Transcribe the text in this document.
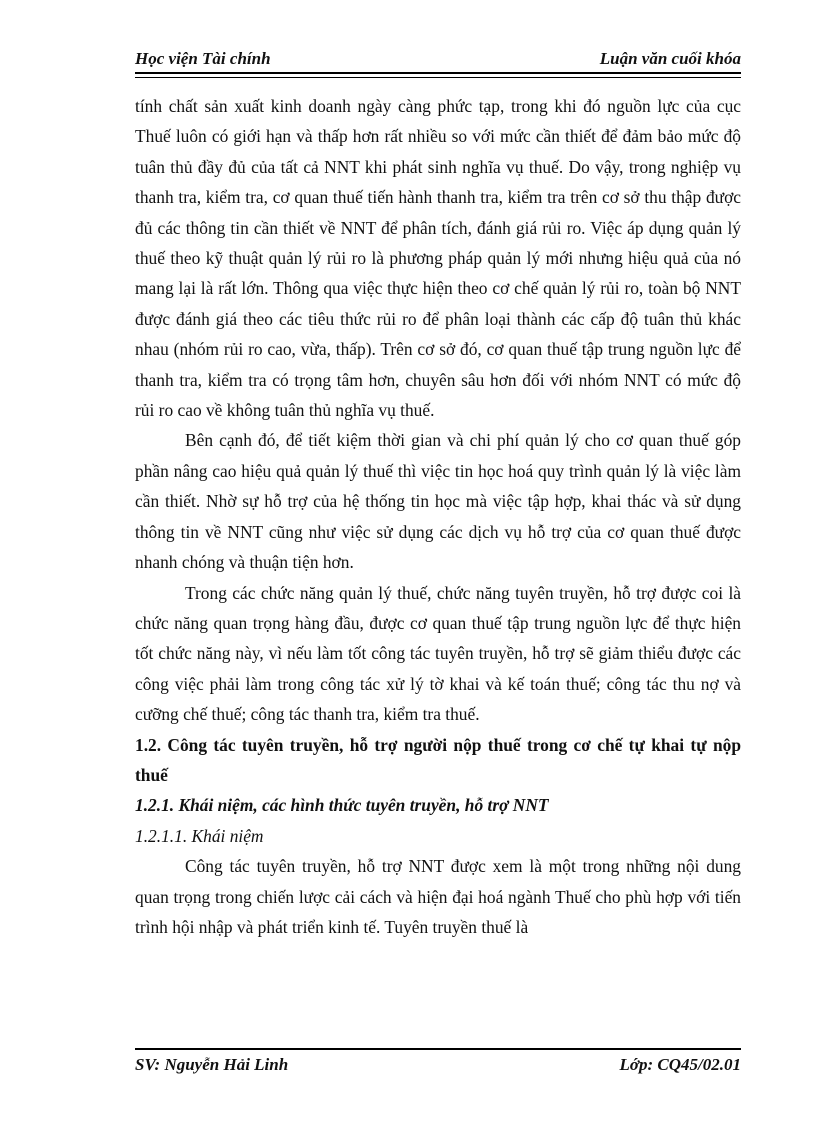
Học viện Tài chính	Luận văn cuối khóa

tính chất sản xuất kinh doanh ngày càng phức tạp, trong khi đó nguồn lực của cục Thuế luôn có giới hạn và thấp hơn rất nhiều so với mức cần thiết để đảm bảo mức độ tuân thủ đầy đủ của tất cả NNT khi phát sinh nghĩa vụ thuế. Do vậy, trong nghiệp vụ thanh tra, kiểm tra, cơ quan thuế tiến hành thanh tra, kiểm tra trên cơ sở thu thập được đủ các thông tin cần thiết về NNT để phân tích, đánh giá rủi ro. Việc áp dụng quản lý thuế theo kỹ thuật quản lý rủi ro là phương pháp quản lý mới nhưng hiệu quả của nó mang lại là rất lớn. Thông qua việc thực hiện theo cơ chế quản lý rủi ro, toàn bộ NNT được đánh giá theo các tiêu thức rủi ro để phân loại thành các cấp độ tuân thủ khác nhau (nhóm rủi ro cao, vừa, thấp). Trên cơ sở đó, cơ quan thuế tập trung nguồn lực để thanh tra, kiểm tra có trọng tâm hơn, chuyên sâu hơn đối với nhóm NNT có mức độ rủi ro cao về không tuân thủ nghĩa vụ thuế.

Bên cạnh đó, để tiết kiệm thời gian và chi phí quản lý cho cơ quan thuế góp phần nâng cao hiệu quả quản lý thuế thì việc tin học hoá quy trình quản lý là việc làm cần thiết. Nhờ sự hỗ trợ của hệ thống tin học mà việc tập hợp, khai thác và sử dụng thông tin về NNT cũng như việc sử dụng các dịch vụ hỗ trợ của cơ quan thuế được nhanh chóng và thuận tiện hơn.

Trong các chức năng quản lý thuế, chức năng tuyên truyền, hỗ trợ được coi là chức năng quan trọng hàng đầu, được cơ quan thuế tập trung nguồn lực để thực hiện tốt chức năng này, vì nếu làm tốt công tác tuyên truyền, hỗ trợ sẽ giảm thiểu được các công việc phải làm trong công tác xử lý tờ khai và kế toán thuế; công tác thu nợ và cưỡng chế thuế; công tác thanh tra, kiểm tra thuế.

1.2. Công tác tuyên truyền, hỗ trợ người nộp thuế trong cơ chế tự khai tự nộp thuế

1.2.1. Khái niệm, các hình thức tuyên truyền, hỗ trợ NNT

1.2.1.1. Khái niệm

Công tác tuyên truyền, hỗ trợ NNT được xem là một trong những nội dung quan trọng trong chiến lược cải cách và hiện đại hoá ngành Thuế cho phù hợp với tiến trình hội nhập và phát triển kinh tế. Tuyên truyền thuế là

SV: Nguyễn Hải Linh	Lớp: CQ45/02.01
